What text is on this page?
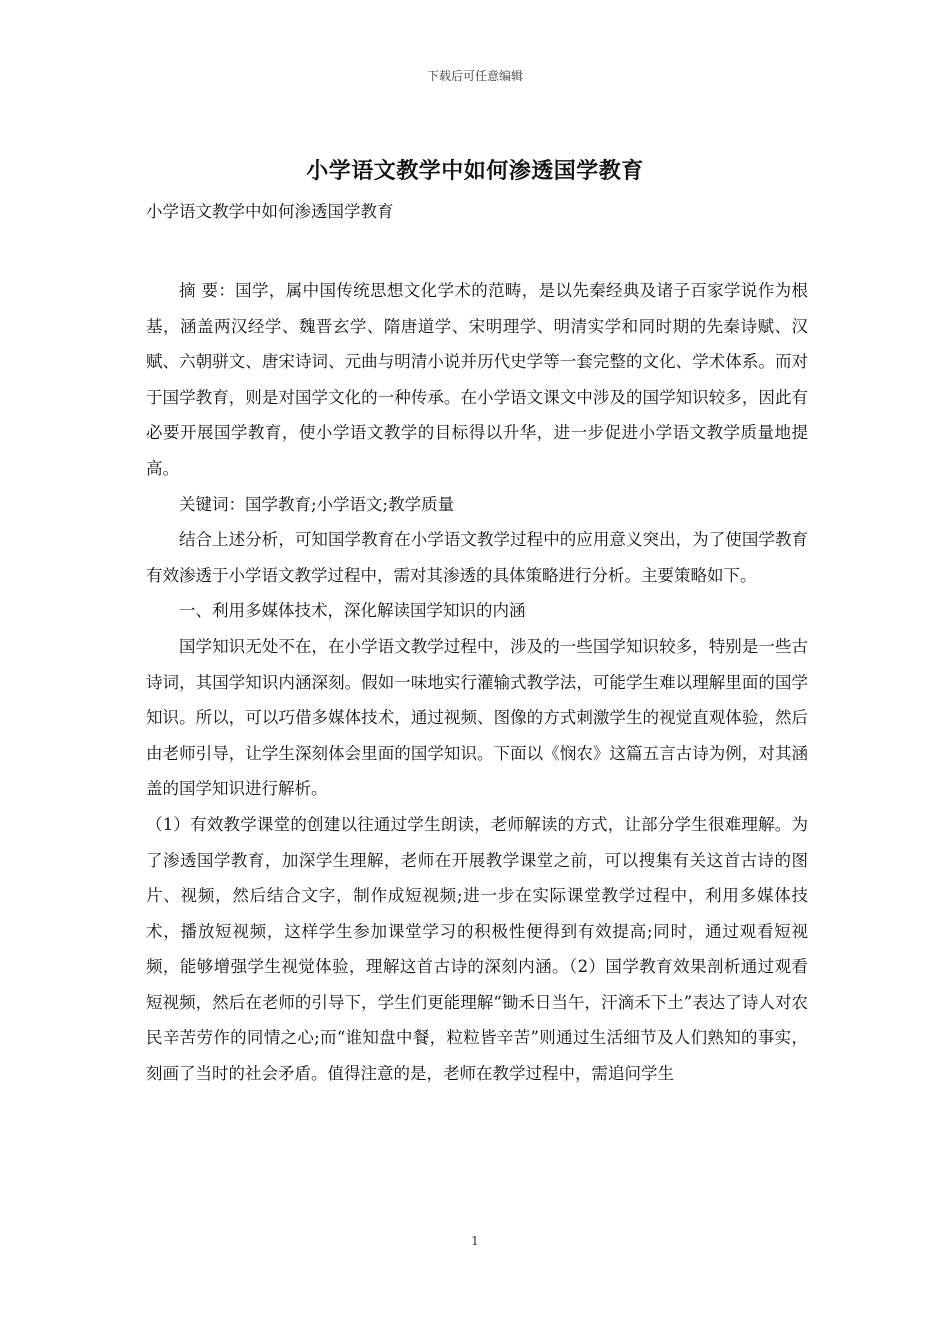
下载后可任意编辑
小学语文教学中如何渗透国学教育
小学语文教学中如何渗透国学教育

摘 要：国学，属中国传统思想文化学术的范畴，是以先秦经典及诸子百家学说作为根基，涵盖两汉经学、魏晋玄学、隋唐道学、宋明理学、明清实学和同时期的先秦诗赋、汉赋、六朝骈文、唐宋诗词、元曲与明清小说并历代史学等一套完整的文化、学术体系。而对于国学教育，则是对国学文化的一种传承。在小学语文课文中涉及的国学知识较多，因此有必要开展国学教育，使小学语文教学的目标得以升华，进一步促进小学语文教学质量地提高。

关键词：国学教育;小学语文;教学质量

结合上述分析，可知国学教育在小学语文教学过程中的应用意义突出，为了使国学教育有效渗透于小学语文教学过程中，需对其渗透的具体策略进行分析。主要策略如下。

一、利用多媒体技术，深化解读国学知识的内涵

国学知识无处不在，在小学语文教学过程中，涉及的一些国学知识较多，特别是一些古诗词，其国学知识内涵深刻。假如一味地实行灌输式教学法，可能学生难以理解里面的国学知识。所以，可以巧借多媒体技术，通过视频、图像的方式刺激学生的视觉直观体验，然后由老师引导，让学生深刻体会里面的国学知识。下面以《悯农》这篇五言古诗为例，对其涵盖的国学知识进行解析。

（1）有效教学课堂的创建以往通过学生朗读，老师解读的方式，让部分学生很难理解。为了渗透国学教育，加深学生理解，老师在开展教学课堂之前，可以搜集有关这首古诗的图片、视频，然后结合文字，制作成短视频;进一步在实际课堂教学过程中，利用多媒体技术，播放短视频，这样学生参加课堂学习的积极性便得到有效提高;同时，通过观看短视频，能够增强学生视觉体验，理解这首古诗的深刻内涵。（2）国学教育效果剖析通过观看短视频，然后在老师的引导下，学生们更能理解“锄禾日当午，汗滴禾下土”表达了诗人对农民辛苦劳作的同情之心;而“谁知盘中餐，粒粒皆辛苦”则通过生活细节及人们熟知的事实，刻画了当时的社会矛盾。值得注意的是，老师在教学过程中，需追问学生

1
